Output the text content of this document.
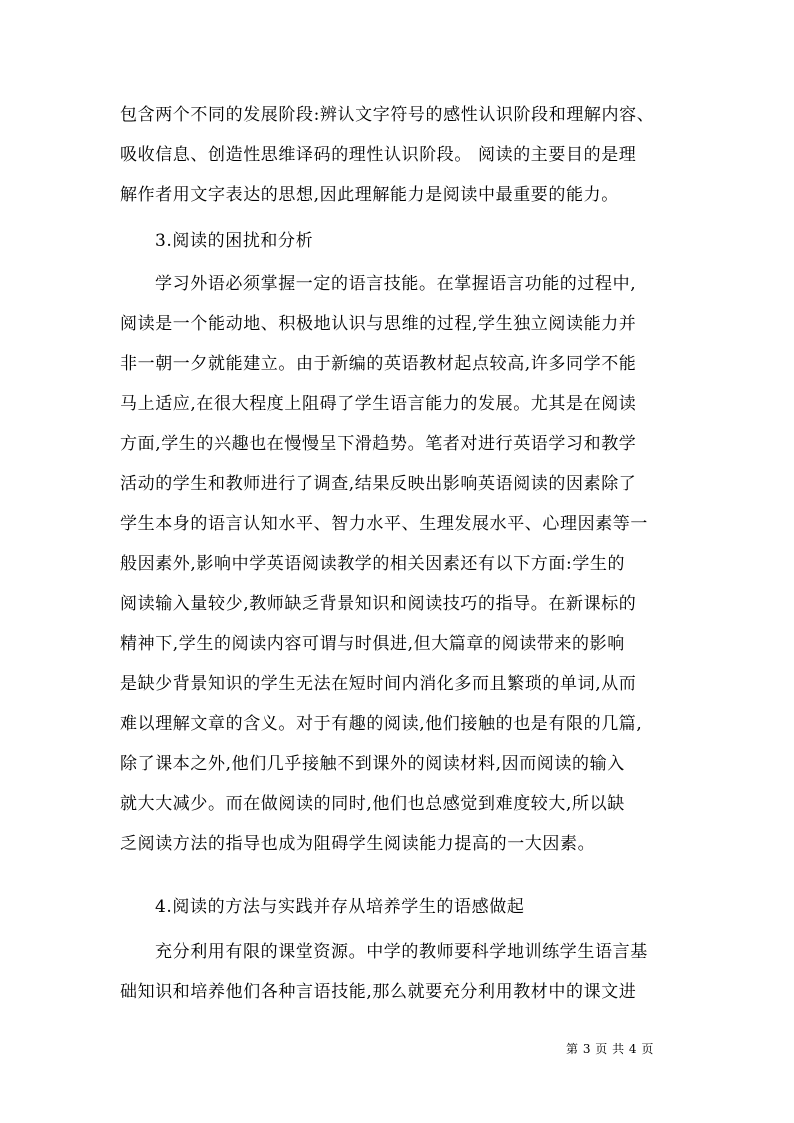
包含两个不同的发展阶段:辨认文字符号的感性认识阶段和理解内容、
吸收信息、创造性思维译码的理性认识阶段。 阅读的主要目的是理
解作者用文字表达的思想,因此理解能力是阅读中最重要的能力。
3.阅读的困扰和分析
学习外语必须掌握一定的语言技能。在掌握语言功能的过程中,
阅读是一个能动地、积极地认识与思维的过程,学生独立阅读能力并
非一朝一夕就能建立。由于新编的英语教材起点较高,许多同学不能
马上适应,在很大程度上阻碍了学生语言能力的发展。尤其是在阅读
方面,学生的兴趣也在慢慢呈下滑趋势。笔者对进行英语学习和教学
活动的学生和教师进行了调查,结果反映出影响英语阅读的因素除了
学生本身的语言认知水平、智力水平、生理发展水平、心理因素等一
般因素外,影响中学英语阅读教学的相关因素还有以下方面:学生的
阅读输入量较少,教师缺乏背景知识和阅读技巧的指导。在新课标的
精神下,学生的阅读内容可谓与时俱进,但大篇章的阅读带来的影响
是缺少背景知识的学生无法在短时间内消化多而且繁琐的单词,从而
难以理解文章的含义。对于有趣的阅读,他们接触的也是有限的几篇,
除了课本之外,他们几乎接触不到课外的阅读材料,因而阅读的输入
就大大减少。而在做阅读的同时,他们也总感觉到难度较大,所以缺
乏阅读方法的指导也成为阻碍学生阅读能力提高的一大因素。
4.阅读的方法与实践并存从培养学生的语感做起
充分利用有限的课堂资源。中学的教师要科学地训练学生语言基
础知识和培养他们各种言语技能,那么就要充分利用教材中的课文进
第 3 页 共 4 页
